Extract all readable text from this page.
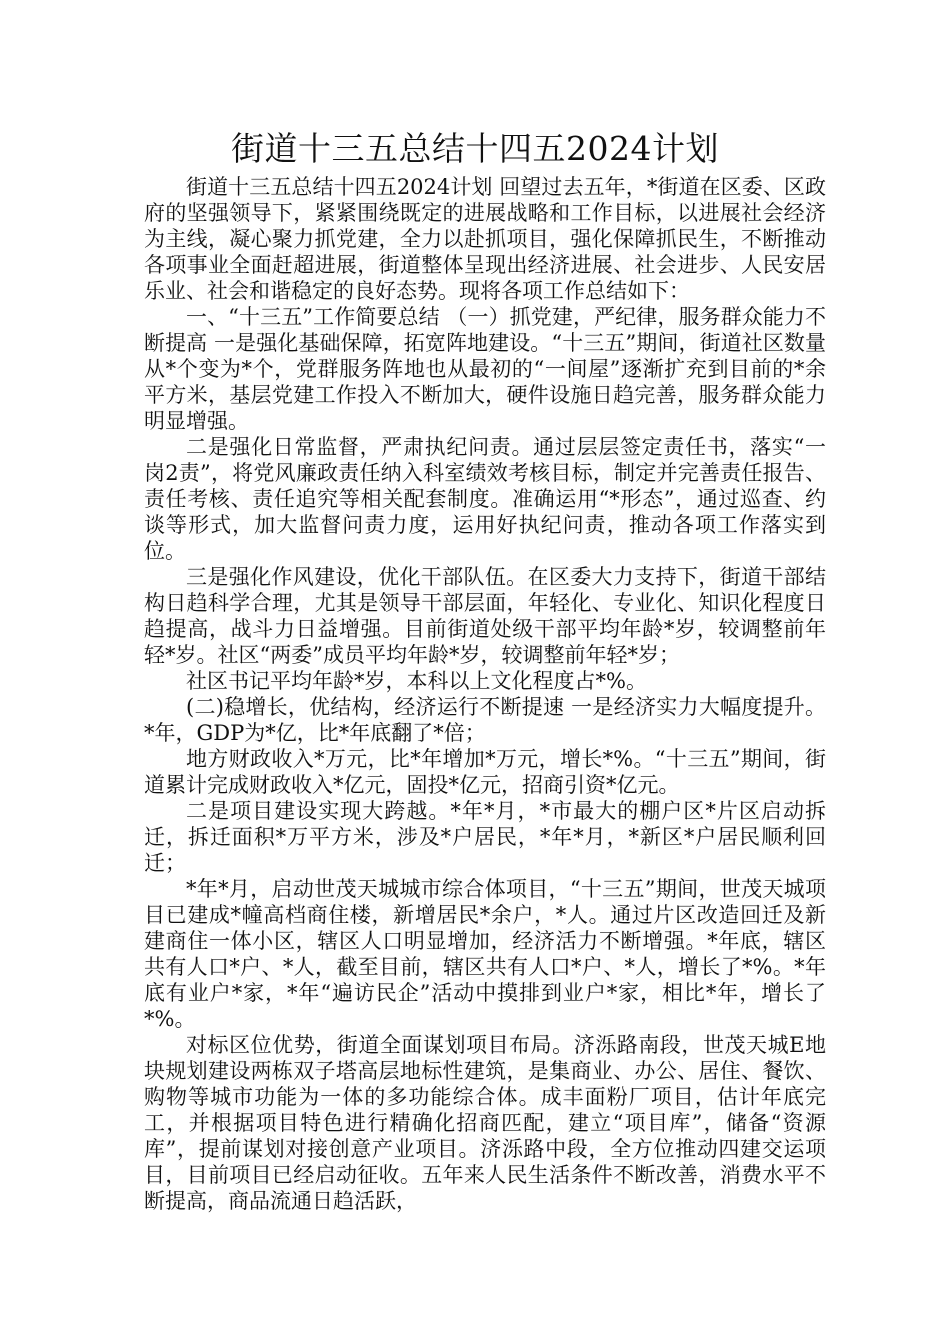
街道十三五总结十四五2024计划

街道十三五总结十四五2024计划 回望过去五年，*街道在区委、区政府的坚强领导下，紧紧围绕既定的进展战略和工作目标，以进展社会经济为主线，凝心聚力抓党建，全力以赴抓项目，强化保障抓民生，不断推动各项事业全面赶超进展，街道整体呈现出经济进展、社会进步、人民安居乐业、社会和谐稳定的良好态势。现将各项工作总结如下：

一、“十三五”工作简要总结 （一）抓党建，严纪律，服务群众能力不断提高 一是强化基础保障，拓宽阵地建设。“十三五”期间，街道社区数量从*个变为*个，党群服务阵地也从最初的“一间屋”逐渐扩充到目前的*余平方米，基层党建工作投入不断加大，硬件设施日趋完善，服务群众能力明显增强。

二是强化日常监督，严肃执纪问责。通过层层签定责任书，落实“一岗2责”，将党风廉政责任纳入科室绩效考核目标，制定并完善责任报告、责任考核、责任追究等相关配套制度。准确运用“*形态”，通过巡查、约谈等形式，加大监督问责力度，运用好执纪问责，推动各项工作落实到位。

三是强化作风建设，优化干部队伍。在区委大力支持下，街道干部结构日趋科学合理，尤其是领导干部层面，年轻化、专业化、知识化程度日趋提高，战斗力日益增强。目前街道处级干部平均年龄*岁，较调整前年轻*岁。社区“两委”成员平均年龄*岁，较调整前年轻*岁；

社区书记平均年龄*岁，本科以上文化程度占*%。

(二)稳增长，优结构，经济运行不断提速 一是经济实力大幅度提升。*年，GDP为*亿，比*年底翻了*倍；

地方财政收入*万元，比*年增加*万元，增长*%。“十三五”期间，街道累计完成财政收入*亿元，固投*亿元，招商引资*亿元。

二是项目建设实现大跨越。*年*月，*市最大的棚户区*片区启动拆迁，拆迁面积*万平方米，涉及*户居民，*年*月，*新区*户居民顺利回迁；

*年*月，启动世茂天城城市综合体项目，“十三五”期间，世茂天城项目已建成*幢高档商住楼，新增居民*余户，*人。通过片区改造回迁及新建商住一体小区，辖区人口明显增加，经济活力不断增强。*年底，辖区共有人口*户、*人，截至目前，辖区共有人口*户、*人，增长了*%。*年底有业户*家，*年“遍访民企”活动中摸排到业户*家，相比*年，增长了*%。

对标区位优势，街道全面谋划项目布局。济泺路南段，世茂天城E地块规划建设两栋双子塔高层地标性建筑，是集商业、办公、居住、餐饮、购物等城市功能为一体的多功能综合体。成丰面粉厂项目，估计年底完工，并根据项目特色进行精确化招商匹配，建立“项目库”，储备“资源库”，提前谋划对接创意产业项目。济泺路中段，全方位推动四建交运项目，目前项目已经启动征收。五年来人民生活条件不断改善，消费水平不断提高，商品流通日趋活跃，
